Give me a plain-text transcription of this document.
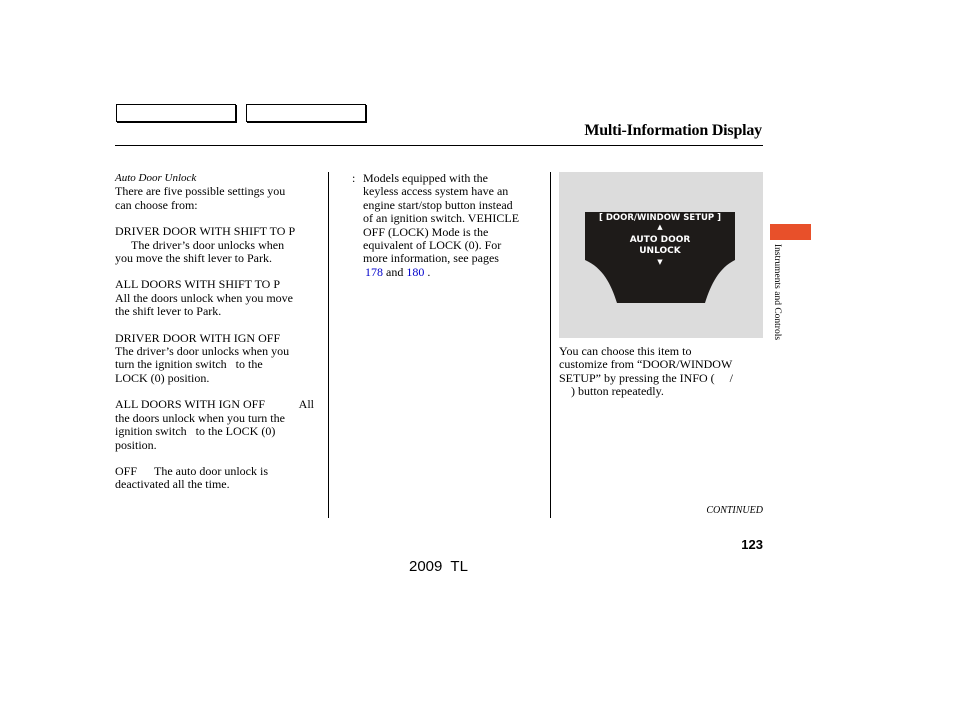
Multi-Information Display
Instruments and Controls
Auto Door Unlock
There are five possible settings you
can choose from:
DRIVER DOOR WITH SHIFT TO P
The driver’s door unlocks when
you move the shift lever to Park.
ALL DOORS WITH SHIFT TO P
All the doors unlock when you move
the shift lever to Park.
DRIVER DOOR WITH IGN OFF
The driver’s door unlocks when you
turn the ignition switch   to the
LOCK (0) position.
ALL DOORS WITH IGN OFF	All
the doors unlock when you turn the
ignition switch   to the LOCK (0)
position.
OFF The auto door unlock is
deactivated all the time.
: Models equipped with the
keyless access system have an
engine start/stop button instead
of an ignition switch. VEHICLE
OFF (LOCK) Mode is the
equivalent of LOCK (0). For
more information, see pages
178 and 180 .
[ DOOR/WINDOW SETUP ]
▲
AUTO DOOR
UNLOCK
▼
You can choose this item to
customize from “DOOR/WINDOW
SETUP” by pressing the INFO (     /
) button repeatedly.
CONTINUED
123
2009  TL
